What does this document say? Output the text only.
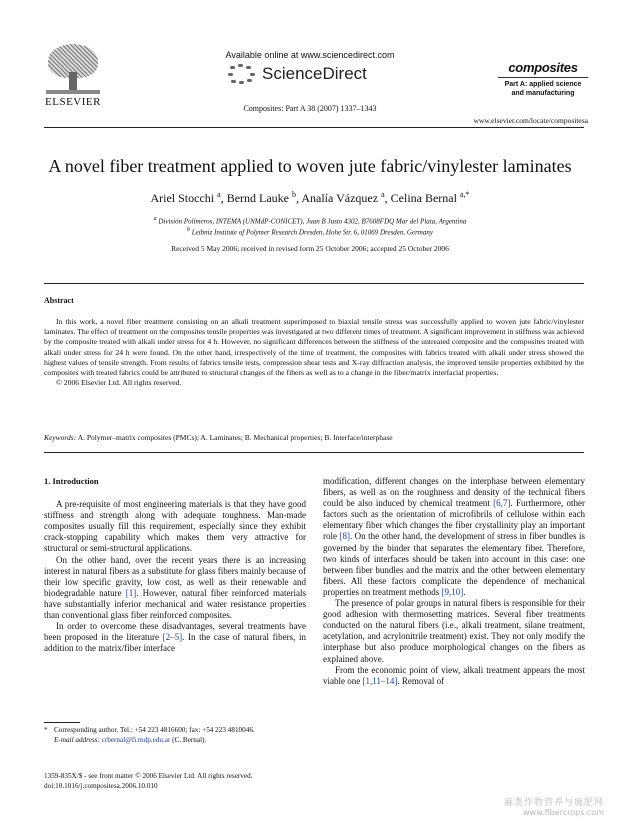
ELSEVIER
Available online at www.sciencedirect.com
ScienceDirect
Composites: Part A 38 (2007) 1337–1343
composites
Part A: applied science
and manufacturing
www.elsevier.com/locate/compositesa
A novel fiber treatment applied to woven jute fabric/vinylester laminates
Ariel Stocchi $^a$, Bernd Lauke $^b$, Analía Vázquez $^a$, Celina Bernal $^{a,*}$
$^a$ División Polímeros, INTEMA (UNMdP-CONICET), Juan B Justo 4302, B7608FDQ Mar del Plata, Argentina
$^b$ Leibniz Institute of Polymer Research Dresden, Hohe Str. 6, 01069 Dresden, Germany
Received 5 May 2006; received in revised form 25 October 2006; accepted 25 October 2006
Abstract
In this work, a novel fiber treatment consisting on an alkali treatment superimposed to biaxial tensile stress was successfully applied to woven jute fabric/vinylester laminates. The effect of treatment on the composites tensile properties was investigated at two different times of treatment. A significant improvement in stiffness was achieved by the composite treated with alkali under stress for 4 h. However, no significant differences between the stiffness of the untreated composite and the composites treated with alkali under stress for 24 h were found. On the other hand, irrespectively of the time of treatment, the composites with fabrics treated with alkali under stress showed the highest values of tensile strength. From results of fabrics tensile tests, compression shear tests and X-ray diffraction analysis, the improved tensile properties exhibited by the composites with treated fabrics could be attributed to structural changes of the fibers as well as to a change in the fiber/matrix interfacial properties.
© 2006 Elsevier Ltd. All rights reserved.
Keywords: A. Polymer–matrix composites (PMCs); A. Laminates; B. Mechanical properties; B. Interface/interphase
1. Introduction

A pre-requisite of most engineering materials is that they have good stiffness and strength along with adequate toughness. Man-made composites usually fill this requirement, especially since they exhibit crack-stopping capability which makes them very attractive for structural or semi-structural applications.

On the other hand, over the recent years there is an increasing interest in natural fibers as a substitute for glass fibers mainly because of their low specific gravity, low cost, as well as their renewable and biodegradable nature [1]. However, natural fiber reinforced materials have substantially inferior mechanical and water resistance properties than conventional glass fiber reinforced composites.

In order to overcome these disadvantages, several treatments have been proposed in the literature [2–5]. In the case of natural fibers, in addition to the matrix/fiber interface

modification, different changes on the interphase between elementary fibers, as well as on the roughness and density of the technical fibers could be also induced by chemical treatment [6,7]. Furthermore, other factors such as the orientation of microfibrils of cellulose within each elementary fiber which changes the fiber crystallinity play an important role [8]. On the other hand, the development of stress in fiber bundles is governed by the binder that separates the elementary fiber. Therefore, two kinds of interfaces should be taken into account in this case: one between fiber bundles and the matrix and the other between elementary fibers. All these factors complicate the dependence of mechanical properties on treatment methods [9,10].

The presence of polar groups in natural fibers is responsible for their good adhesion with thermosetting matrices. Several fiber treatments conducted on the natural fibers (i.e., alkali treatment, silane treatment, acetylation, and acrylonitrile treatment) exist. They not only modify the interphase but also produce morphological changes on the fibers as explained above.

From the economic point of view, alkali treatment appears the most viable one [1,11–14]. Removal of

* Corresponding author. Tel.: +54 223 4816600; fax: +54 223 4810046.
E-mail address: crbernal@fi.mdp.edu.ar (C. Bernal).
1359-835X/$ - see front matter © 2006 Elsevier Ltd. All rights reserved.
doi:10.1016/j.compositesa.2006.10.010
麻类作物营养与施肥网
www.fibercrops.com
